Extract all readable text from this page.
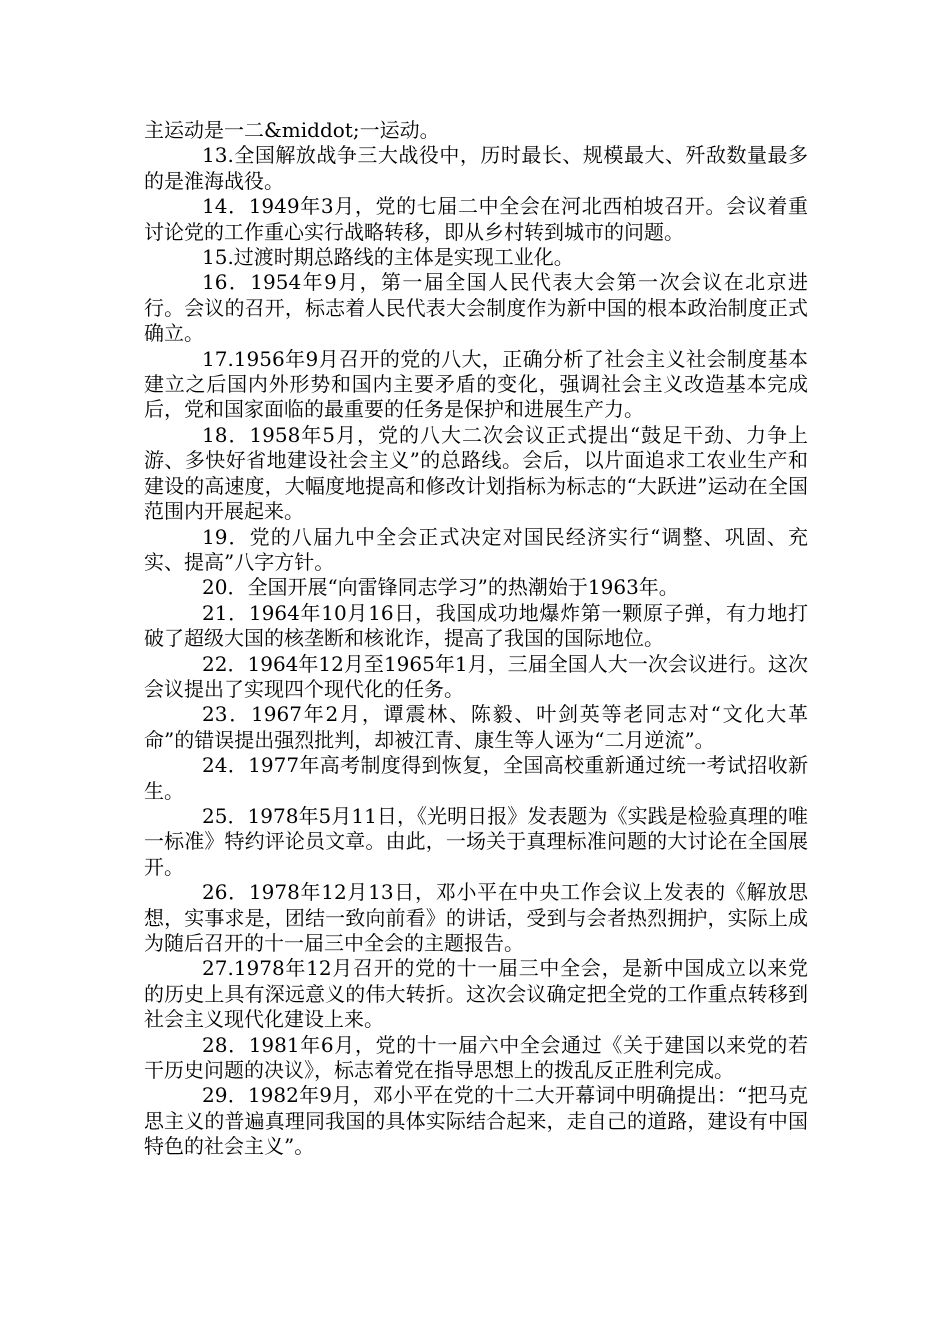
主运动是一二&middot;一运动。

13.全国解放战争三大战役中，历时最长、规模最大、歼敌数量最多的是淮海战役。

14．1949年3月，党的七届二中全会在河北西柏坡召开。会议着重讨论党的工作重心实行战略转移，即从乡村转到城市的问题。

15.过渡时期总路线的主体是实现工业化。

16．1954年9月，第一届全国人民代表大会第一次会议在北京进行。会议的召开，标志着人民代表大会制度作为新中国的根本政治制度正式确立。

17.1956年9月召开的党的八大，正确分析了社会主义社会制度基本建立之后国内外形势和国内主要矛盾的变化，强调社会主义改造基本完成后，党和国家面临的最重要的任务是保护和进展生产力。

18．1958年5月，党的八大二次会议正式提出“鼓足干劲、力争上游、多快好省地建设社会主义”的总路线。会后，以片面追求工农业生产和建设的高速度，大幅度地提高和修改计划指标为标志的“大跃进”运动在全国范围内开展起来。

19．党的八届九中全会正式决定对国民经济实行“调整、巩固、充实、提高”八字方针。

20．全国开展“向雷锋同志学习”的热潮始于1963年。

21．1964年10月16日，我国成功地爆炸第一颗原子弹，有力地打破了超级大国的核垄断和核讹诈，提高了我国的国际地位。

22．1964年12月至1965年1月，三届全国人大一次会议进行。这次会议提出了实现四个现代化的任务。

23．1967年2月，谭震林、陈毅、叶剑英等老同志对“文化大革命”的错误提出强烈批判，却被江青、康生等人诬为“二月逆流”。

24．1977年高考制度得到恢复，全国高校重新通过统一考试招收新生。

25．1978年5月11日，《光明日报》发表题为《实践是检验真理的唯一标准》特约评论员文章。由此，一场关于真理标准问题的大讨论在全国展开。

26．1978年12月13日，邓小平在中央工作会议上发表的《解放思想，实事求是，团结一致向前看》的讲话，受到与会者热烈拥护，实际上成为随后召开的十一届三中全会的主题报告。

27.1978年12月召开的党的十一届三中全会，是新中国成立以来党的历史上具有深远意义的伟大转折。这次会议确定把全党的工作重点转移到社会主义现代化建设上来。

28．1981年6月，党的十一届六中全会通过《关于建国以来党的若干历史问题的决议》，标志着党在指导思想上的拨乱反正胜利完成。

29．1982年9月，邓小平在党的十二大开幕词中明确提出：“把马克思主义的普遍真理同我国的具体实际结合起来，走自己的道路，建设有中国特色的社会主义”。
